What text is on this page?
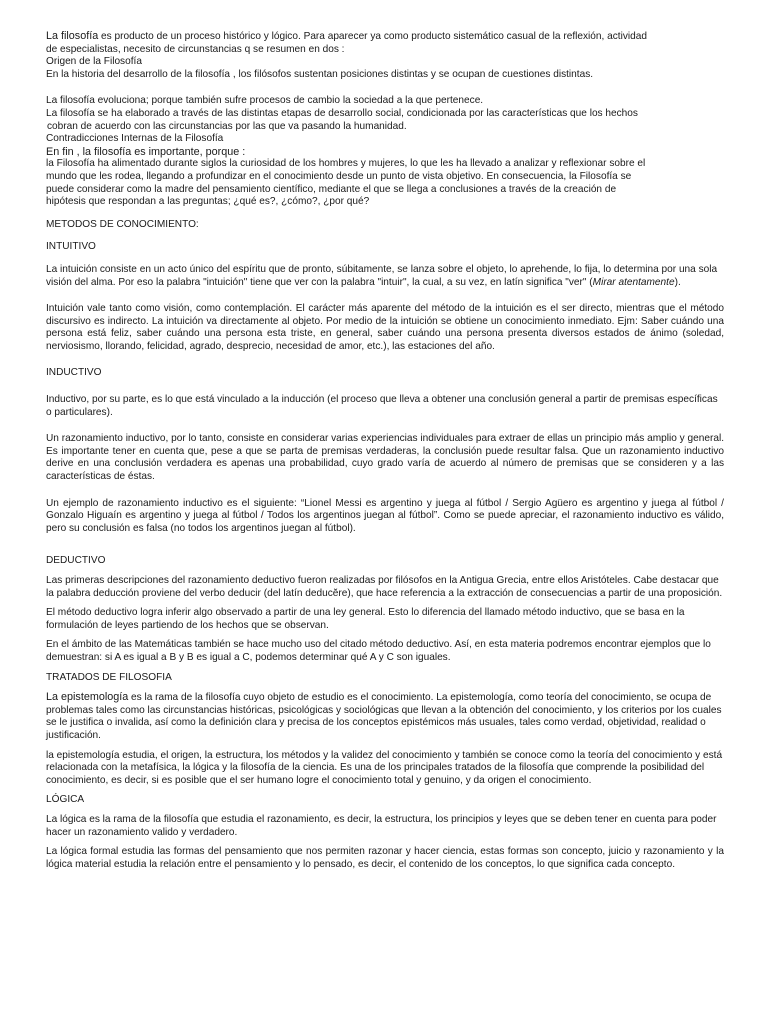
La filosofía es producto de un proceso histórico y lógico. Para aparecer ya como producto sistemático casual de la reflexión, actividad

de especialistas, necesito de circunstancias q se resumen en dos :

Origen de la Filosofía

En la historia del desarrollo de la filosofía , los filósofos sustentan posiciones distintas y se ocupan de cuestiones distintas.

La filosofía evoluciona; porque también sufre procesos de cambio la sociedad a la que pertenece.

La filosofía se ha elaborado a través de las distintas etapas de desarrollo social, condicionada por las características que los hechos

cobran de acuerdo con las circunstancias por las que va pasando la humanidad.

Contradicciones Internas de la Filosofía

En fin , la filosofía es importante, porque :

la Filosofía ha alimentado durante siglos la curiosidad de los hombres y mujeres, lo que les ha llevado a analizar y reflexionar sobre el

mundo que les rodea, llegando a profundizar en el conocimiento desde un punto de vista objetivo. En consecuencia, la Filosofía se

puede considerar como la madre del pensamiento científico, mediante el que se llega a conclusiones a través de la creación de

hipótesis que respondan a las preguntas; ¿qué es?, ¿cómo?, ¿por qué?

METODOS DE CONOCIMIENTO:

INTUITIVO

La intuición consiste en un acto único del espíritu que de pronto, súbitamente, se lanza sobre el objeto, lo aprehende, lo fija, lo determina por una sola visión del alma. Por eso la palabra "intuición" tiene que ver con la palabra "intuir", la cual, a su vez, en latín significa "ver" (Mirar atentamente).

Intuición vale tanto como visión, como contemplación. El carácter más aparente del método de la intuición es el ser directo, mientras que el método discursivo es indirecto. La intuición va directamente al objeto. Por medio de la intuición se obtiene un conocimiento inmediato. Ejm: Saber cuándo una persona está feliz, saber cuándo una persona esta triste, en general, saber cuándo una persona presenta diversos estados de ánimo (soledad, nerviosismo, llorando, felicidad, agrado, desprecio, necesidad de amor, etc.), las estaciones del año.

INDUCTIVO

Inductivo, por su parte, es lo que está vinculado a la inducción (el proceso que lleva a obtener una conclusión general a partir de premisas específicas o particulares).

Un razonamiento inductivo, por lo tanto, consiste en considerar varias experiencias individuales para extraer de ellas un principio más amplio y general. Es importante tener en cuenta que, pese a que se parta de premisas verdaderas, la conclusión puede resultar falsa. Que un razonamiento inductivo derive en una conclusión verdadera es apenas una probabilidad, cuyo grado varía de acuerdo al número de premisas que se consideren y a las características de éstas.

Un ejemplo de razonamiento inductivo es el siguiente: “Lionel Messi es argentino y juega al fútbol / Sergio Agüero es argentino y juega al fútbol / Gonzalo Higuaín es argentino y juega al fútbol / Todos los argentinos juegan al fútbol”. Como se puede apreciar, el razonamiento inductivo es válido, pero su conclusión es falsa (no todos los argentinos juegan al fútbol).

DEDUCTIVO

Las primeras descripciones del razonamiento deductivo fueron realizadas por filósofos en la Antigua Grecia, entre ellos Aristóteles. Cabe destacar que la palabra deducción proviene del verbo deducir (del latín deducĕre), que hace referencia a la extracción de consecuencias a partir de una proposición.

El método deductivo logra inferir algo observado a partir de una ley general. Esto lo diferencia del llamado método inductivo, que se basa en la formulación de leyes partiendo de los hechos que se observan.

En el ámbito de las Matemáticas también se hace mucho uso del citado método deductivo. Así, en esta materia podremos encontrar ejemplos que lo demuestran: si A es igual a B y B es igual a C, podemos determinar qué A y C son iguales.

TRATADOS DE FILOSOFIA

La epistemología es la rama de la filosofía cuyo objeto de estudio es el conocimiento. La epistemología, como teoría del conocimiento, se ocupa de problemas tales como las circunstancias históricas, psicológicas y sociológicas que llevan a la obtención del conocimiento, y los criterios por los cuales se le justifica o invalida, así como la definición clara y precisa de los conceptos epistémicos más usuales, tales como verdad, objetividad, realidad o justificación.

la epistemología estudia, el origen, la estructura, los métodos y la validez del conocimiento y también se conoce como la teoría del conocimiento y está relacionada con la metafísica, la lógica y la filosofía de la ciencia. Es una de los principales tratados de la filosofía que comprende la posibilidad del conocimiento, es decir, si es posible que el ser humano logre el conocimiento total y genuino, y da origen el conocimiento.

LÓGICA

La lógica es la rama de la filosofía que estudia el razonamiento, es decir, la estructura, los principios y leyes que se deben tener en cuenta para poder hacer un razonamiento valido y verdadero.

La lógica formal estudia las formas del pensamiento que nos permiten razonar y hacer ciencia, estas formas son concepto, juicio y razonamiento y la lógica material estudia la relación entre el pensamiento y lo pensado, es decir, el contenido de los conceptos, lo que significa cada concepto.
